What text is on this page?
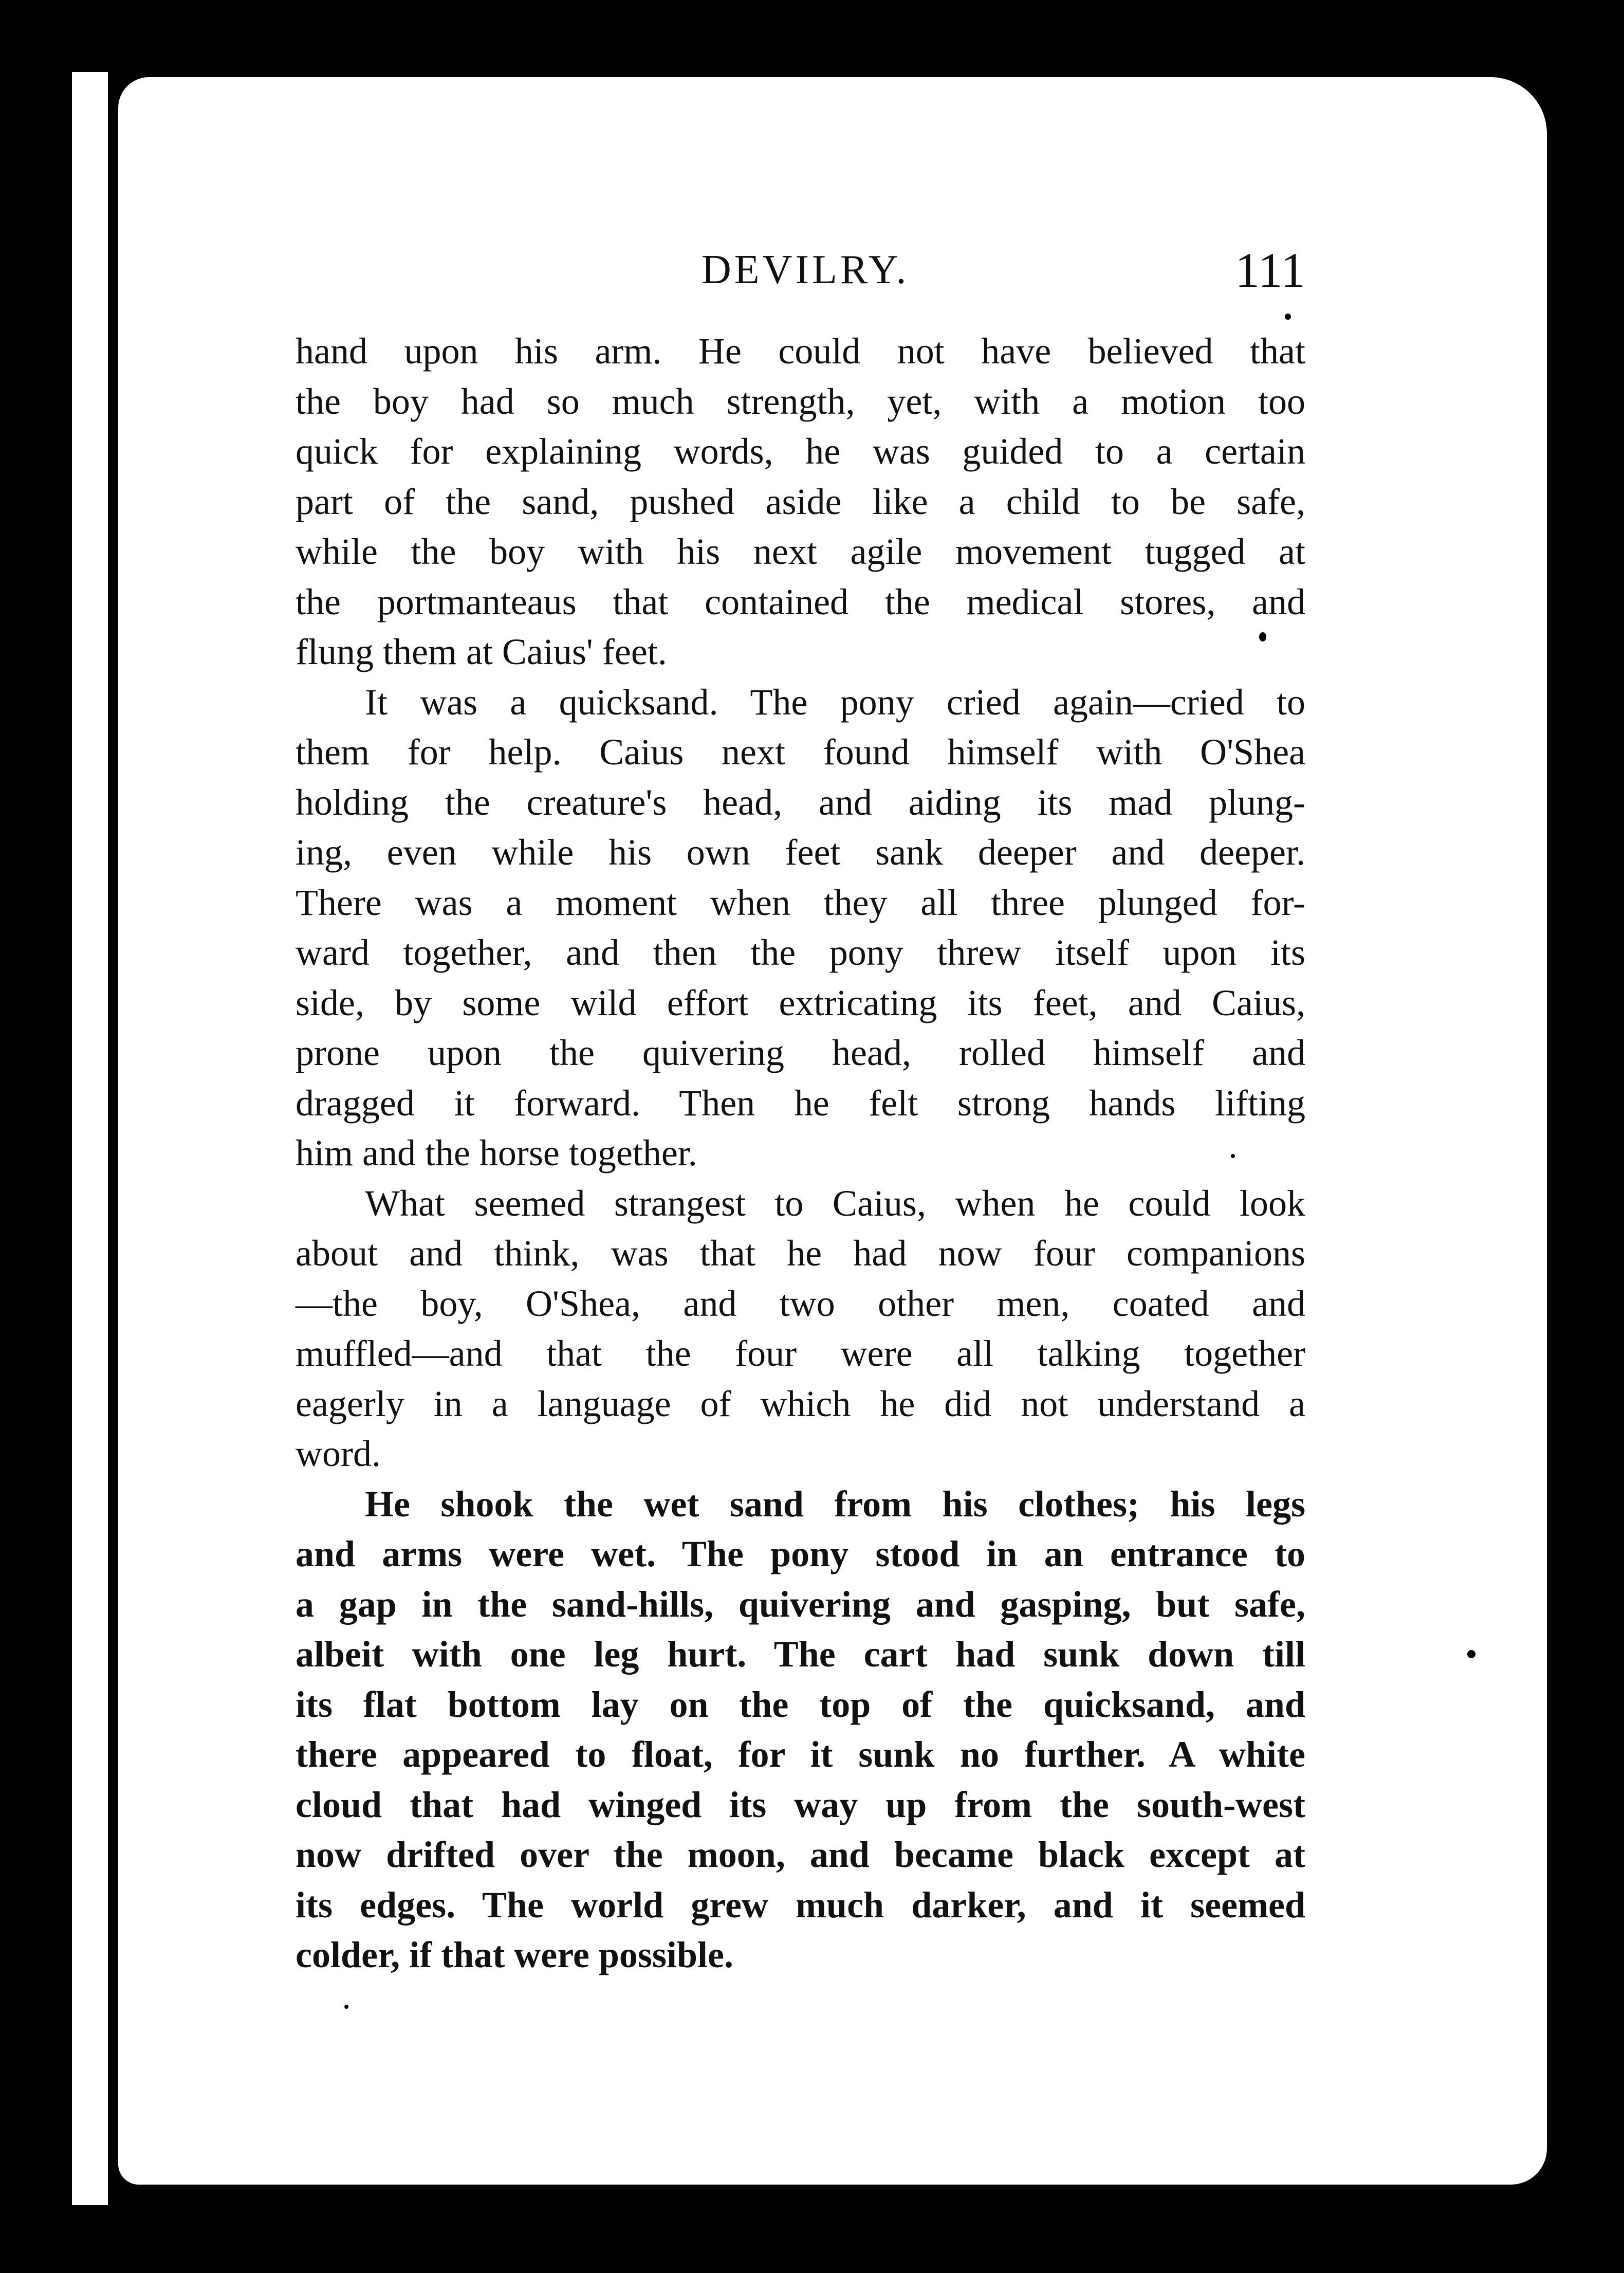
DEVILRY.	111

hand upon his arm. He could not have believed that
the boy had so much strength, yet, with a motion too
quick for explaining words, he was guided to a certain
part of the sand, pushed aside like a child to be safe,
while the boy with his next agile movement tugged at
the portmanteaus that contained the medical stores, and
flung them at Caius' feet.

It was a quicksand. The pony cried again—cried to
them for help. Caius next found himself with O'Shea
holding the creature's head, and aiding its mad plung-
ing, even while his own feet sank deeper and deeper.
There was a moment when they all three plunged for-
ward together, and then the pony threw itself upon its
side, by some wild effort extricating its feet, and Caius,
prone upon the quivering head, rolled himself and
dragged it forward. Then he felt strong hands lifting
him and the horse together.

What seemed strangest to Caius, when he could look
about and think, was that he had now four companions
—the boy, O'Shea, and two other men, coated and
muffled—and that the four were all talking together
eagerly in a language of which he did not understand a
word.

He shook the wet sand from his clothes; his legs
and arms were wet. The pony stood in an entrance to
a gap in the sand-hills, quivering and gasping, but safe,
albeit with one leg hurt. The cart had sunk down till
its flat bottom lay on the top of the quicksand, and
there appeared to float, for it sunk no further. A white
cloud that had winged its way up from the south-west
now drifted over the moon, and became black except at
its edges. The world grew much darker, and it seemed
colder, if that were possible.
